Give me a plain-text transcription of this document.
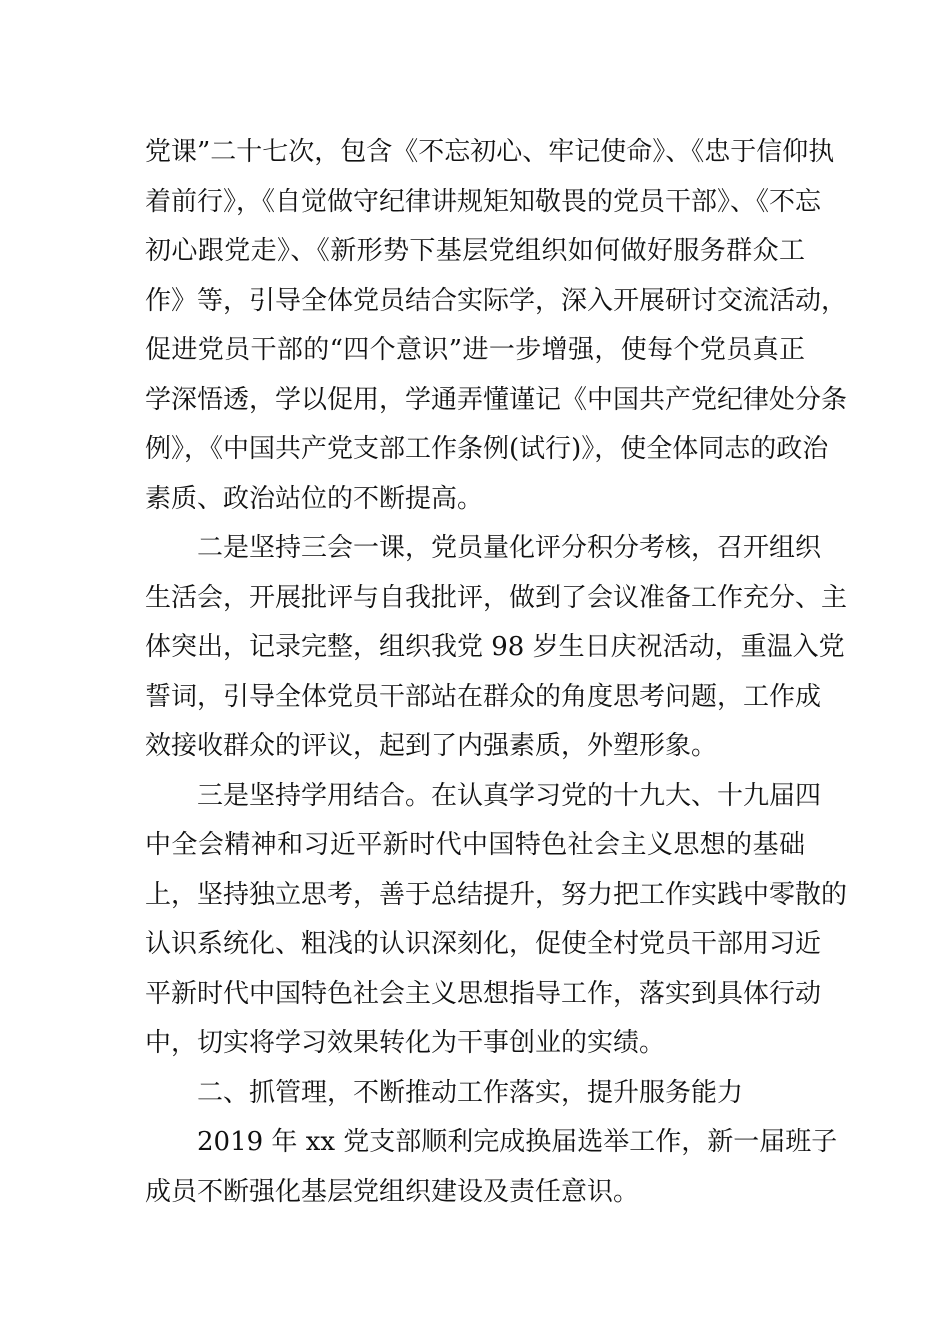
党课”二十七次，包含《不忘初心、牢记使命》、《忠于信仰执
着前行》，《自觉做守纪律讲规矩知敬畏的党员干部》、《不忘
初心跟党走》、《新形势下基层党组织如何做好服务群众工
作》等，引导全体党员结合实际学，深入开展研讨交流活动，
促进党员干部的“四个意识”进一步增强，使每个党员真正
学深悟透，学以促用，学通弄懂谨记《中国共产党纪律处分条
例》，《中国共产党支部工作条例(试行)》，使全体同志的政治
素质、政治站位的不断提高。
二是坚持三会一课，党员量化评分积分考核，召开组织
生活会，开展批评与自我批评，做到了会议准备工作充分、主
体突出，记录完整，组织我党 98 岁生日庆祝活动，重温入党
誓词，引导全体党员干部站在群众的角度思考问题，工作成
效接收群众的评议，起到了内强素质，外塑形象。
三是坚持学用结合。在认真学习党的十九大、十九届四
中全会精神和习近平新时代中国特色社会主义思想的基础
上，坚持独立思考，善于总结提升，努力把工作实践中零散的
认识系统化、粗浅的认识深刻化，促使全村党员干部用习近
平新时代中国特色社会主义思想指导工作，落实到具体行动
中，切实将学习效果转化为干事创业的实绩。
二、抓管理，不断推动工作落实，提升服务能力
2019 年 xx 党支部顺利完成换届选举工作，新一届班子
成员不断强化基层党组织建设及责任意识。
